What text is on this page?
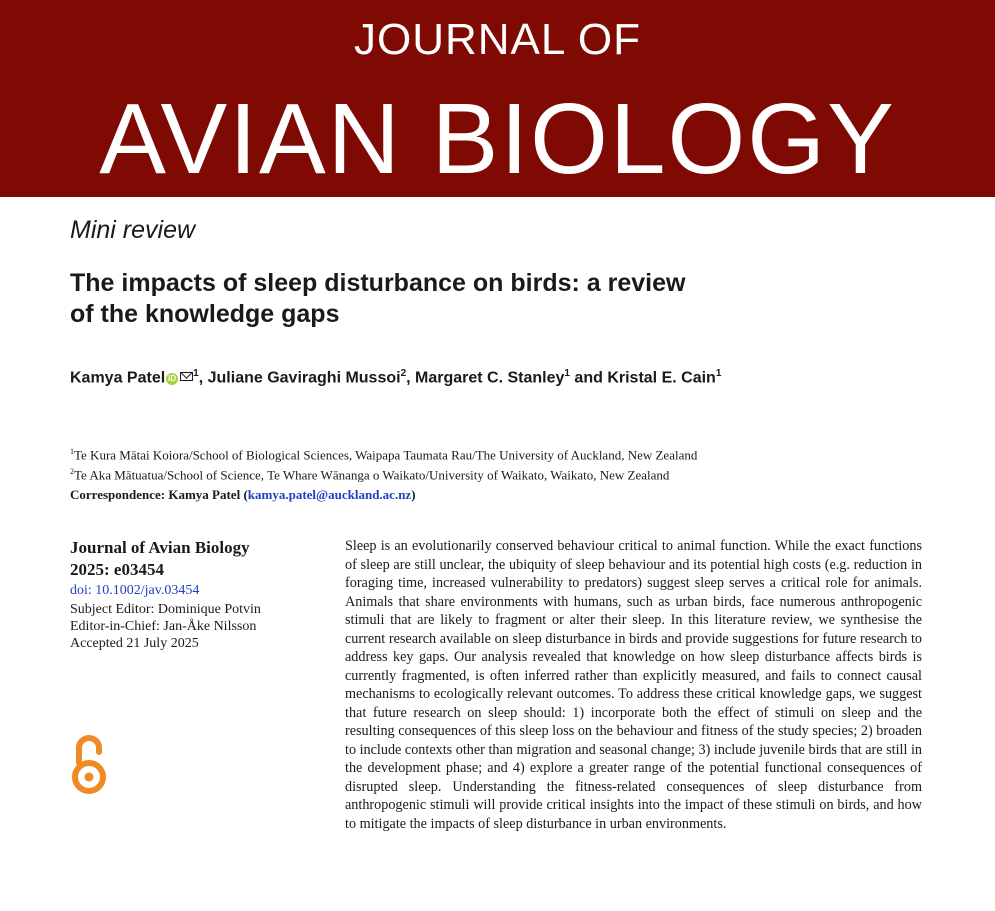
JOURNAL OF
AVIAN BIOLOGY
Mini review
The impacts of sleep disturbance on birds: a review of the knowledge gaps
Kamya Patel iD $^1$, Juliane Gaviraghi Mussoi$^2$, Margaret C. Stanley$^1$ and Kristal E. Cain$^1$
$^1$Te Kura Mātai Koiora/School of Biological Sciences, Waipapa Taumata Rau/The University of Auckland, New Zealand
$^2$Te Aka Mātuatua/School of Science, Te Whare Wānanga o Waikato/University of Waikato, Waikato, New Zealand
Correspondence: Kamya Patel (kamya.patel@auckland.ac.nz)
Journal of Avian Biology
2025: e03454
doi: 10.1002/jav.03454
Subject Editor: Dominique Potvin
Editor-in-Chief: Jan-Åke Nilsson
Accepted 21 July 2025
Sleep is an evolutionarily conserved behaviour critical to animal function. While the exact functions of sleep are still unclear, the ubiquity of sleep behaviour and its potential high costs (e.g. reduction in foraging time, increased vulnerability to predators) suggest sleep serves a critical role for animals. Animals that share environments with humans, such as urban birds, face numerous anthropogenic stimuli that are likely to fragment or alter their sleep. In this literature review, we synthesise the current research available on sleep disturbance in birds and provide suggestions for future research to address key gaps. Our analysis revealed that knowledge on how sleep disturbance affects birds is currently fragmented, is often inferred rather than explicitly measured, and fails to connect causal mechanisms to ecologically relevant outcomes. To address these critical knowledge gaps, we suggest that future research on sleep should: 1) incorporate both the effect of stimuli on sleep and the resulting consequences of this sleep loss on the behaviour and fitness of the study species; 2) broaden to include contexts other than migration and seasonal change; 3) include juvenile birds that are still in the development phase; and 4) explore a greater range of the potential functional consequences of disrupted sleep. Understanding the fitness-related consequences of sleep disturbance from anthropogenic stimuli will provide critical insights into the impact of these stimuli on birds, and how to mitigate the impacts of sleep disturbance in urban environments.
